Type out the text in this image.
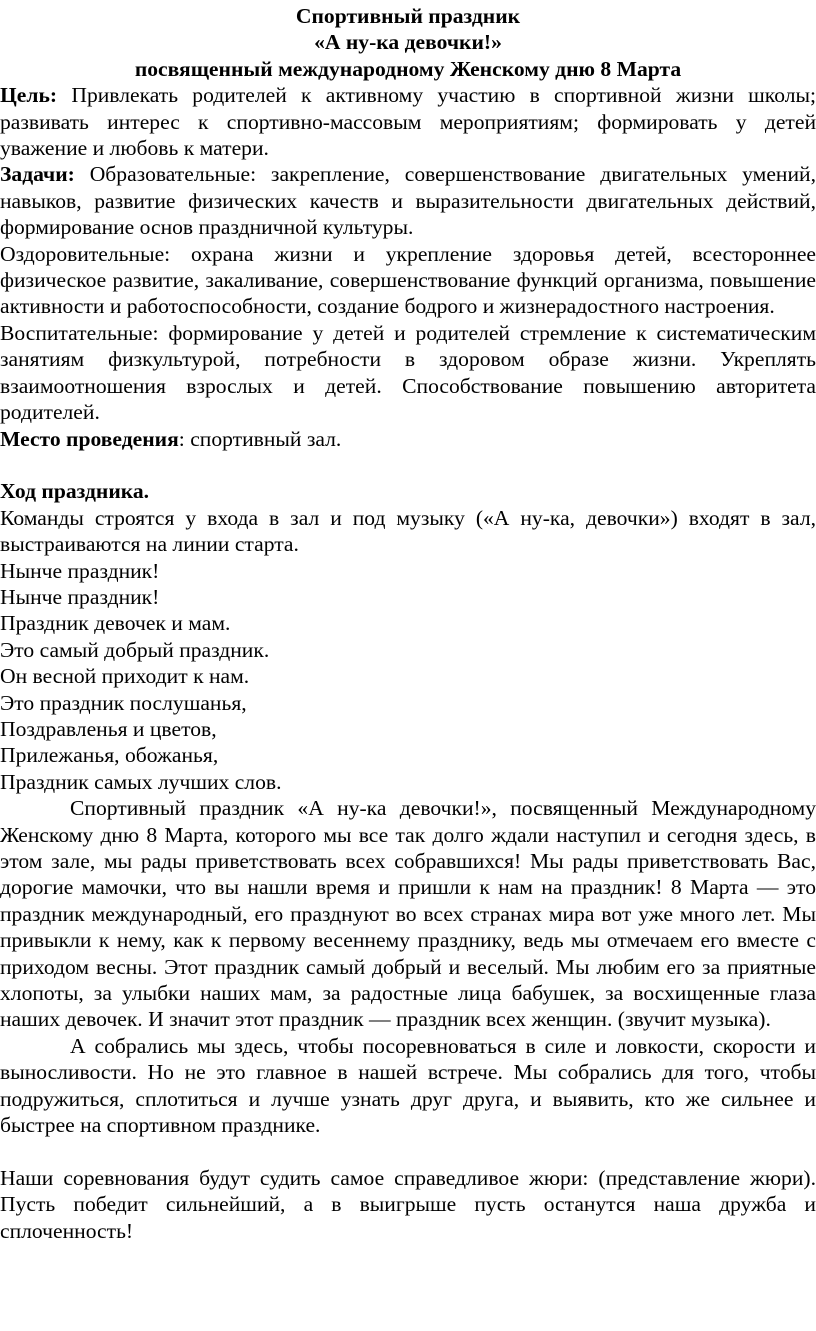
Спортивный праздник
«А ну-ка девочки!»
посвященный международному Женскому дню 8 Марта

Цель: Привлекать родителей к активному участию в спортивной жизни школы; развивать интерес к спортивно-массовым мероприятиям; формировать у детей уважение и любовь к матери.

Задачи: Образовательные: закрепление, совершенствование двигательных умений, навыков, развитие физических качеств и выразительности двигательных действий, формирование основ праздничной культуры.

Оздоровительные: охрана жизни и укрепление здоровья детей, всестороннее физическое развитие, закаливание, совершенствование функций организма, повышение активности и работоспособности, создание бодрого и жизнерадостного настроения.

Воспитательные: формирование у детей и родителей стремление к систематическим занятиям физкультурой, потребности в здоровом образе жизни. Укреплять взаимоотношения взрослых и детей. Способствование повышению авторитета родителей.

Место проведения: спортивный зал.

Ход праздника.

Команды строятся у входа в зал и под музыку («А ну-ка, девочки») входят в зал, выстраиваются на линии старта.

Нынче праздник!

Нынче праздник!

Праздник девочек и мам.

Это самый добрый праздник.

Он весной приходит к нам.

Это праздник послушанья,

Поздравленья и цветов,

Прилежанья, обожанья,

Праздник самых лучших слов.

Спортивный праздник «А ну-ка девочки!», посвященный Международному Женскому дню 8 Марта, которого мы все так долго ждали наступил и сегодня здесь, в этом зале, мы рады приветствовать всех собравшихся! Мы рады приветствовать Вас, дорогие мамочки, что вы нашли время и пришли к нам на праздник! 8 Марта — это праздник международный, его празднуют во всех странах мира вот уже много лет. Мы привыкли к нему, как к первому весеннему празднику, ведь мы отмечаем его вместе с приходом весны. Этот праздник самый добрый и веселый. Мы любим его за приятные хлопоты, за улыбки наших мам, за радостные лица бабушек, за восхищенные глаза наших девочек. И значит этот праздник — праздник всех женщин. (звучит музыка).

А собрались мы здесь, чтобы посоревноваться в силе и ловкости, скорости и выносливости. Но не это главное в нашей встрече. Мы собрались для того, чтобы подружиться, сплотиться и лучше узнать друг друга, и выявить, кто же сильнее и быстрее на спортивном празднике.

Наши соревнования будут судить самое справедливое жюри: (представление жюри). Пусть победит сильнейший, а в выигрыше пусть останутся наша дружба и сплоченность!
